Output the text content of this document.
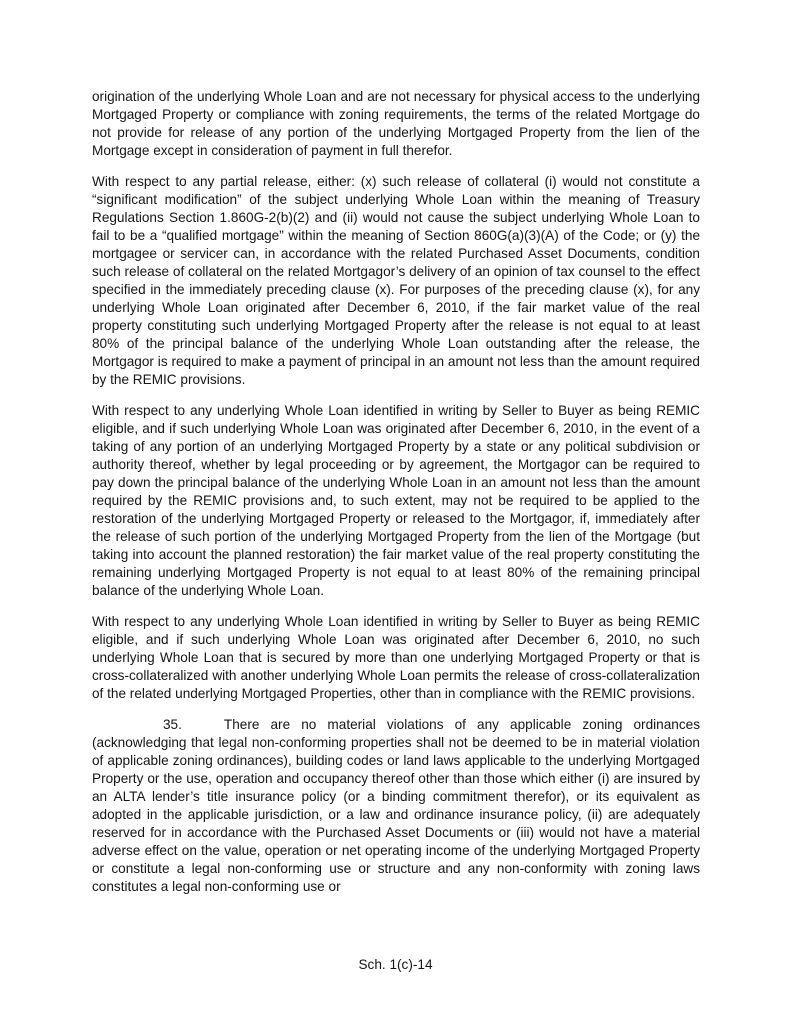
origination of the underlying Whole Loan and are not necessary for physical access to the underlying Mortgaged Property or compliance with zoning requirements, the terms of the related Mortgage do not provide for release of any portion of the underlying Mortgaged Property from the lien of the Mortgage except in consideration of payment in full therefor.

With respect to any partial release, either: (x) such release of collateral (i) would not constitute a “significant modification” of the subject underlying Whole Loan within the meaning of Treasury Regulations Section 1.860G-2(b)(2) and (ii) would not cause the subject underlying Whole Loan to fail to be a “qualified mortgage” within the meaning of Section 860G(a)(3)(A) of the Code; or (y) the mortgagee or servicer can, in accordance with the related Purchased Asset Documents, condition such release of collateral on the related Mortgagor’s delivery of an opinion of tax counsel to the effect specified in the immediately preceding clause (x). For purposes of the preceding clause (x), for any underlying Whole Loan originated after December 6, 2010, if the fair market value of the real property constituting such underlying Mortgaged Property after the release is not equal to at least 80% of the principal balance of the underlying Whole Loan outstanding after the release, the Mortgagor is required to make a payment of principal in an amount not less than the amount required by the REMIC provisions.

With respect to any underlying Whole Loan identified in writing by Seller to Buyer as being REMIC eligible, and if such underlying Whole Loan was originated after December 6, 2010, in the event of a taking of any portion of an underlying Mortgaged Property by a state or any political subdivision or authority thereof, whether by legal proceeding or by agreement, the Mortgagor can be required to pay down the principal balance of the underlying Whole Loan in an amount not less than the amount required by the REMIC provisions and, to such extent, may not be required to be applied to the restoration of the underlying Mortgaged Property or released to the Mortgagor, if, immediately after the release of such portion of the underlying Mortgaged Property from the lien of the Mortgage (but taking into account the planned restoration) the fair market value of the real property constituting the remaining underlying Mortgaged Property is not equal to at least 80% of the remaining principal balance of the underlying Whole Loan.

With respect to any underlying Whole Loan identified in writing by Seller to Buyer as being REMIC eligible, and if such underlying Whole Loan was originated after December 6, 2010, no such underlying Whole Loan that is secured by more than one underlying Mortgaged Property or that is cross-collateralized with another underlying Whole Loan permits the release of cross-collateralization of the related underlying Mortgaged Properties, other than in compliance with the REMIC provisions.

35.	There are no material violations of any applicable zoning ordinances (acknowledging that legal non-conforming properties shall not be deemed to be in material violation of applicable zoning ordinances), building codes or land laws applicable to the underlying Mortgaged Property or the use, operation and occupancy thereof other than those which either (i) are insured by an ALTA lender’s title insurance policy (or a binding commitment therefor), or its equivalent as adopted in the applicable jurisdiction, or a law and ordinance insurance policy, (ii) are adequately reserved for in accordance with the Purchased Asset Documents or (iii) would not have a material adverse effect on the value, operation or net operating income of the underlying Mortgaged Property or constitute a legal non-conforming use or structure and any non-conformity with zoning laws constitutes a legal non-conforming use or

Sch. 1(c)-14
